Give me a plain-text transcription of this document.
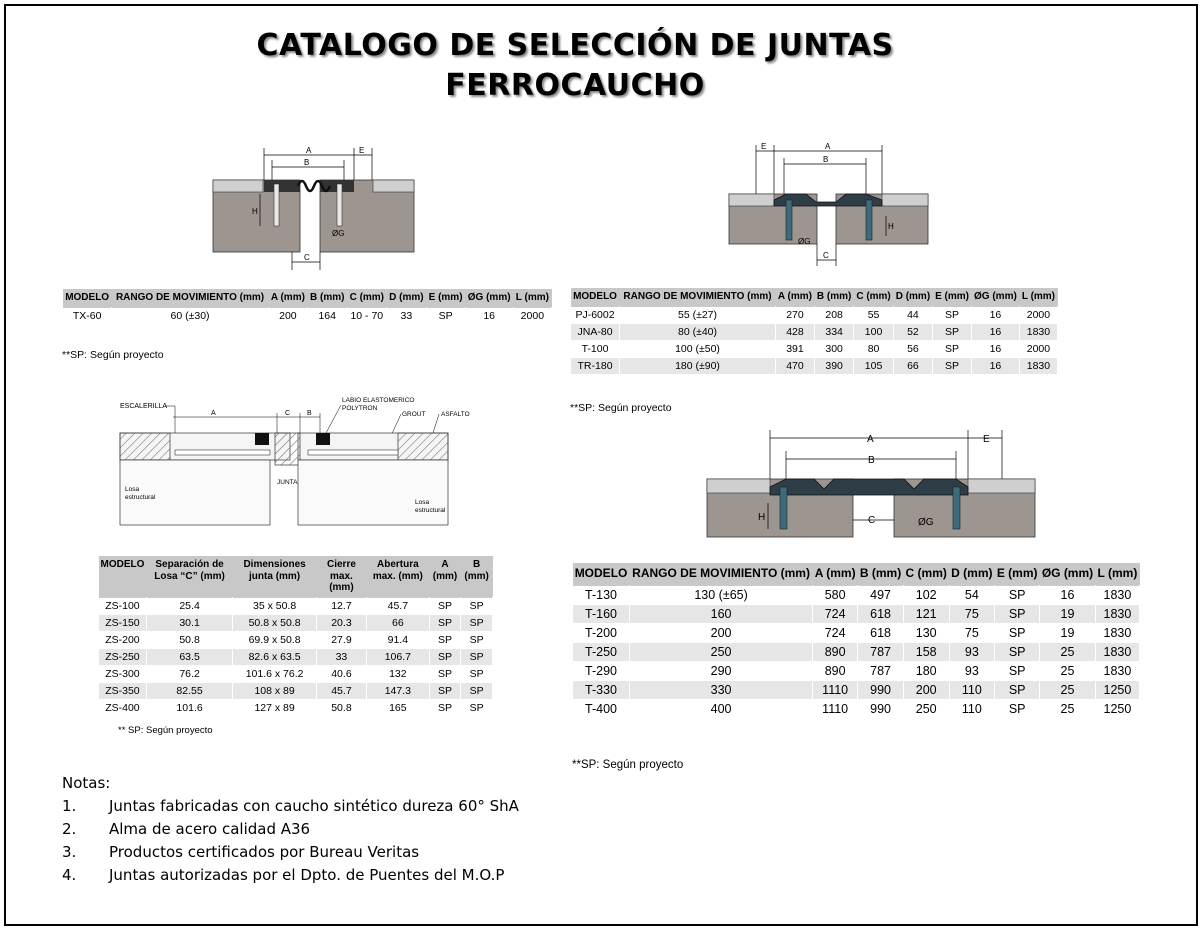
CATALOGO DE SELECCIÓN DE JUNTAS
FERROCAUCHO
A
B
E
H
ØG
C
MODELO	RANGO DE MOVIMIENTO (mm)	A (mm)	B (mm)	C (mm)	D (mm)	E (mm)	ØG (mm)	L (mm)
TX-60	60 (±30)	200	164	10 - 70	33	SP	16	2000
**SP: Según proyecto
E	A
B
H
ØG
C
MODELO	RANGO DE MOVIMIENTO (mm)	A (mm)	B (mm)	C (mm)	D (mm)	E (mm)	ØG (mm)	L (mm)
PJ-6002	55 (±27)	270	208	55	44	SP	16	2000
JNA-80	80 (±40)	428	334	100	52	SP	16	1830
T-100	100 (±50)	391	300	80	56	SP	16	2000
TR-180	180 (±90)	470	390	105	66	SP	16	1830
**SP: Según proyecto
ESCALERILLA
A	C B
LABIO ELASTOMERICO
POLYTRON
GROUT ASFALTO
Losa
estructural
Losa
estructural
JUNTA
MODELO	Separación de Losa “C” (mm)	Dimensiones junta (mm)	Cierre max. (mm)	Abertura max. (mm)	A (mm)	B (mm)
ZS-100	25.4	35 x 50.8	12.7	45.7	SP	SP
ZS-150	30.1	50.8 x 50.8	20.3	66	SP	SP
ZS-200	50.8	69.9 x 50.8	27.9	91.4	SP	SP
ZS-250	63.5	82.6 x 63.5	33	106.7	SP	SP
ZS-300	76.2	101.6 x 76.2	40.6	132	SP	SP
ZS-350	82.55	108 x 89	45.7	147.3	SP	SP
ZS-400	101.6	127 x 89	50.8	165	SP	SP
** SP: Según proyecto
A	E
B
H	C	ØG
MODELO	RANGO DE MOVIMIENTO (mm)	A (mm)	B (mm)	C (mm)	D (mm)	E (mm)	ØG (mm)	L (mm)
T-130	130 (±65)	580	497	102	54	SP	16	1830
T-160	160	724	618	121	75	SP	19	1830
T-200	200	724	618	130	75	SP	19	1830
T-250	250	890	787	158	93	SP	25	1830
T-290	290	890	787	180	93	SP	25	1830
T-330	330	1110	990	200	110	SP	25	1250
T-400	400	1110	990	250	110	SP	25	1250
**SP: Según proyecto
Notas:
1. Juntas fabricadas con caucho sintético dureza 60° ShA
2. Alma de acero calidad A36
3. Productos certificados por Bureau Veritas
4. Juntas autorizadas por el Dpto. de Puentes del M.O.P
